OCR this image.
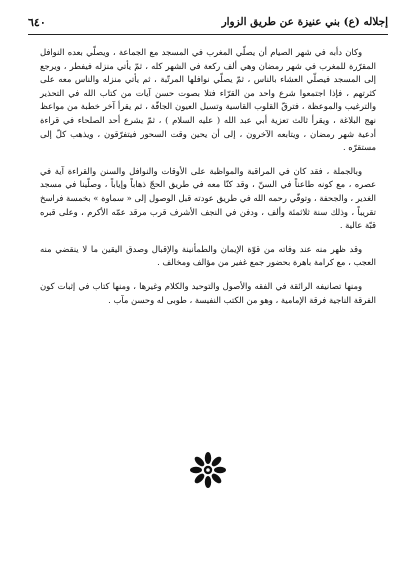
إجلاله (ع) بني عنيزة عن طريق الزوار
٦٤٠

وكان دأبه في شهر الصيام أن يصلّي المغرب في المسجد مع الجماعة ، ويصلّي بعده النوافل المقرّرة للمغرب في شهر رمضان وهي ألف ركعة في الشهر كله ، ثمّ يأتي منزله فيفطر ، ويرجع إلى المسجد فيصلّي العشاء بالناس ، ثمّ يصلّي نوافلها المرتّبة ، ثم يأتي منزله والناس معه على كثرتهم ، فإذا اجتمعوا شرع واحد من القرّاء فتلا بصوت حسن آيات من كتاب الله في التحذير والترغيب والموعظة ، فترقّ القلوب القاسية وتسيل العيون الجافّة ، ثم يقرأ آخر خطبة من مواعظ نهج البلاغة ، ويقرأ ثالث تعزية أبي عبد الله ( عليه السلام ) ، ثمّ يشرع أحد الصلحاء في قراءة أدعية شهر رمضان ، ويتابعه الآخرون ، إلى أن يحين وقت السحور فيتفرّقون ، ويذهب كلّ إلى مستقرّه .

وبالجملة ، فقد كان في المراقبة والمواظبة على الأوقات والنوافل والسنن والقراءة آية في عصره ، مع كونه طاعناً في السنّ ، وقد كنّا معه في طريق الحجّ ذهاباً وإياباً ، وصلّينا في مسجد الغدير ، والجحفة ، وتوفّي رحمه الله في طريق عودته قبل الوصول إلى « سماوة » بخمسة فراسخ تقريباً ، وذلك سنة ثلاثمئة وألف ، ودفن في النجف الأشرف قرب مرقد عمّه الأكرم ، وعلى قبره قبّة عالية .

وقد ظهر منه عند وفاته من قوّة الإيمان والطمأنينة والإقبال وصدق اليقين ما لا ينقضي منه العجب ، مع كرامة باهرة بحضور جمع غفير من مؤالف ومخالف .

ومنها تصانيفه الرائقة في الفقه والأصول والتوحيد والكلام وغيرها ، ومنها كتاب في إثبات كون الفرقة الناجية فرقة الإمامية ، وهو من الكتب النفيسة ، طوبى له وحسن مآب .
